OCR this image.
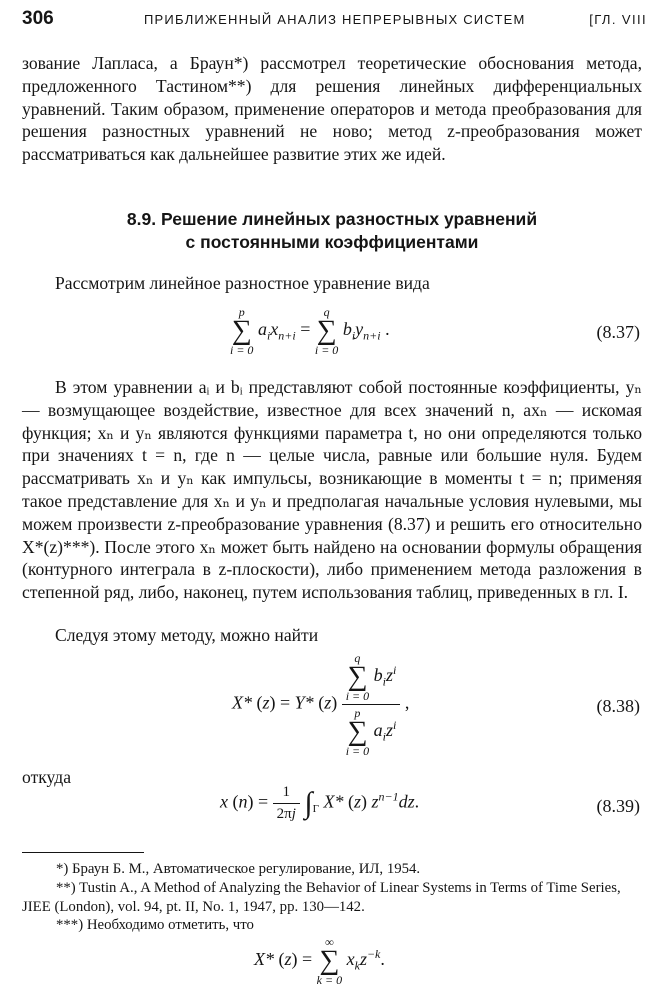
306	ПРИБЛИЖЕННЫЙ АНАЛИЗ НЕПРЕРЫВНЫХ СИСТЕМ	[ГЛ. VIII
зование Лапласа, а Браун*) рассмотрел теоретические обоснования метода, предложенного Тастином**) для решения линейных дифференциальных уравнений. Таким образом, применение операторов и метода преобразования для решения разностных уравнений не ново; метод z-преобразования может рассматриваться как дальнейшее развитие этих же идей.
8.9. Решение линейных разностных уравнений
с постоянными коэффициентами
Рассмотрим линейное разностное уравнение вида
p
∑
i = 0
$a_ix_{n+i}$ =
q
∑
i = 0
$b_iy_{n+i}$ .	(8.37)
В этом уравнении aᵢ и bᵢ представляют собой постоянные коэффициенты, yₙ — возмущающее воздействие, известное для всех значений n, axₙ — искомая функция; xₙ и yₙ являются функциями параметра t, но они определяются только при значениях t = n, где n — целые числа, равные или большие нуля. Будем рассматривать xₙ и yₙ как импульсы, возникающие в моменты t = n; применяя такое представление для xₙ и yₙ и предполагая начальные условия нулевыми, мы можем произвести z-преобразование уравнения (8.37) и решить его относительно X*(z)***). После этого xₙ может быть найдено на основании формулы обращения (контурного интеграла в z-плоскости), либо применением метода разложения в степенной ряд, либо, наконец, путем использования таблиц, приведенных в гл. I.
Следуя этому методу, можно найти
X* (z) = Y* (z) q
∑
i = 0
$b_iz^i$
p
∑
i = 0
$a_iz^i$ ,	(8.38)
откуда
x $(n) = \frac{1}{2\pi j} \int_\Gamma$ X* (z) $z^{n-1}dz$.	(8.39)
*) Браун Б. М., Автоматическое регулирование, ИЛ, 1954.
**) Tustin A., A Method of Analyzing the Behavior of Linear Systems in Terms of Time Series, JIEE (London), vol. 94, pt. II, No. 1, 1947, pp. 130—142.
***) Необходимо отметить, что
X* (z) =
∞
∑
k = 0
$x_kz^{-k}$.
